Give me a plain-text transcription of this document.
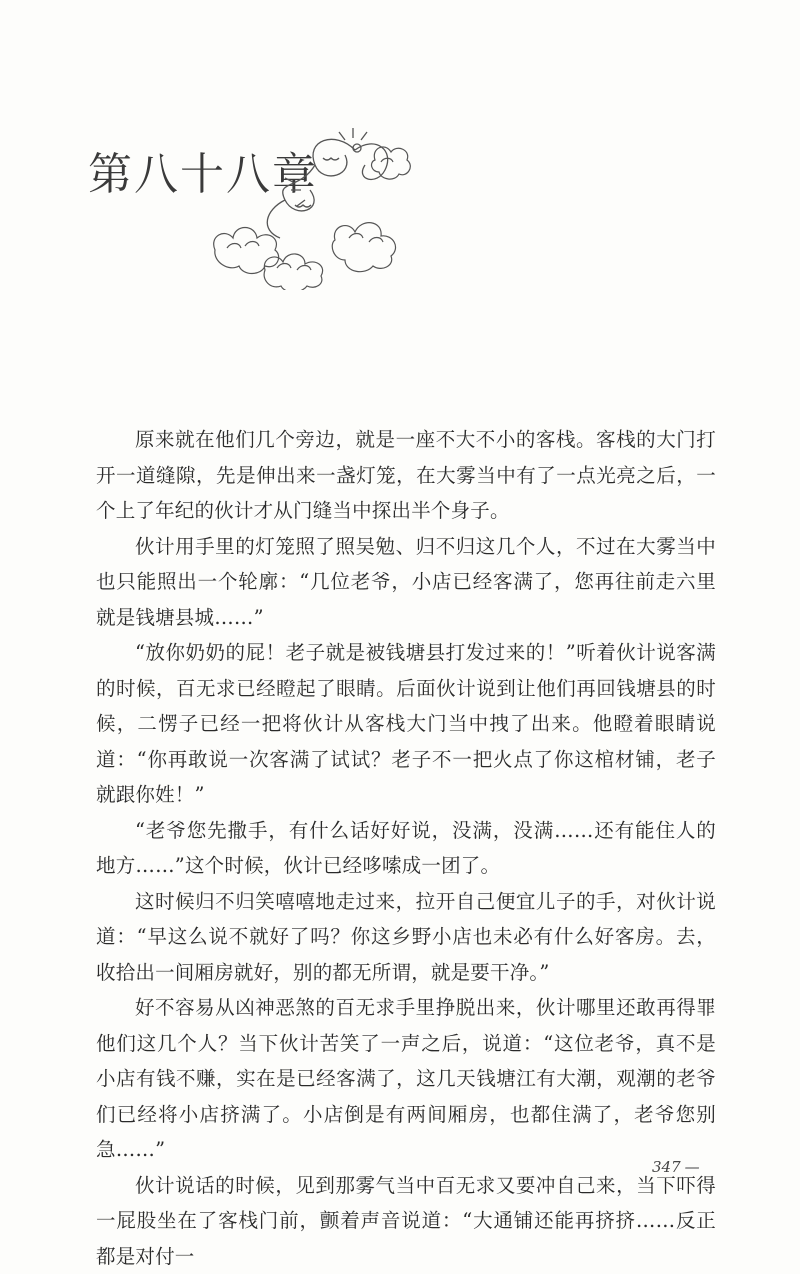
第八十八章

原来就在他们几个旁边，就是一座不大不小的客栈。客栈的大门打开一道缝隙，先是伸出来一盏灯笼，在大雾当中有了一点光亮之后，一个上了年纪的伙计才从门缝当中探出半个身子。

伙计用手里的灯笼照了照吴勉、归不归这几个人，不过在大雾当中也只能照出一个轮廓：“几位老爷，小店已经客满了，您再往前走六里就是钱塘县城……”

“放你奶奶的屁！老子就是被钱塘县打发过来的！”听着伙计说客满的时候，百无求已经瞪起了眼睛。后面伙计说到让他们再回钱塘县的时候，二愣子已经一把将伙计从客栈大门当中拽了出来。他瞪着眼睛说道：“你再敢说一次客满了试试？老子不一把火点了你这棺材铺，老子就跟你姓！”

“老爷您先撒手，有什么话好好说，没满，没满……还有能住人的地方……”这个时候，伙计已经哆嗦成一团了。

这时候归不归笑嘻嘻地走过来，拉开自己便宜儿子的手，对伙计说道：“早这么说不就好了吗？你这乡野小店也未必有什么好客房。去，收拾出一间厢房就好，别的都无所谓，就是要干净。”

好不容易从凶神恶煞的百无求手里挣脱出来，伙计哪里还敢再得罪他们这几个人？当下伙计苦笑了一声之后，说道：“这位老爷，真不是小店有钱不赚，实在是已经客满了，这几天钱塘江有大潮，观潮的老爷们已经将小店挤满了。小店倒是有两间厢房，也都住满了，老爷您别急……”

伙计说话的时候，见到那雾气当中百无求又要冲自己来，当下吓得一屁股坐在了客栈门前，颤着声音说道：“大通铺还能再挤挤……反正都是对付一

347 —
